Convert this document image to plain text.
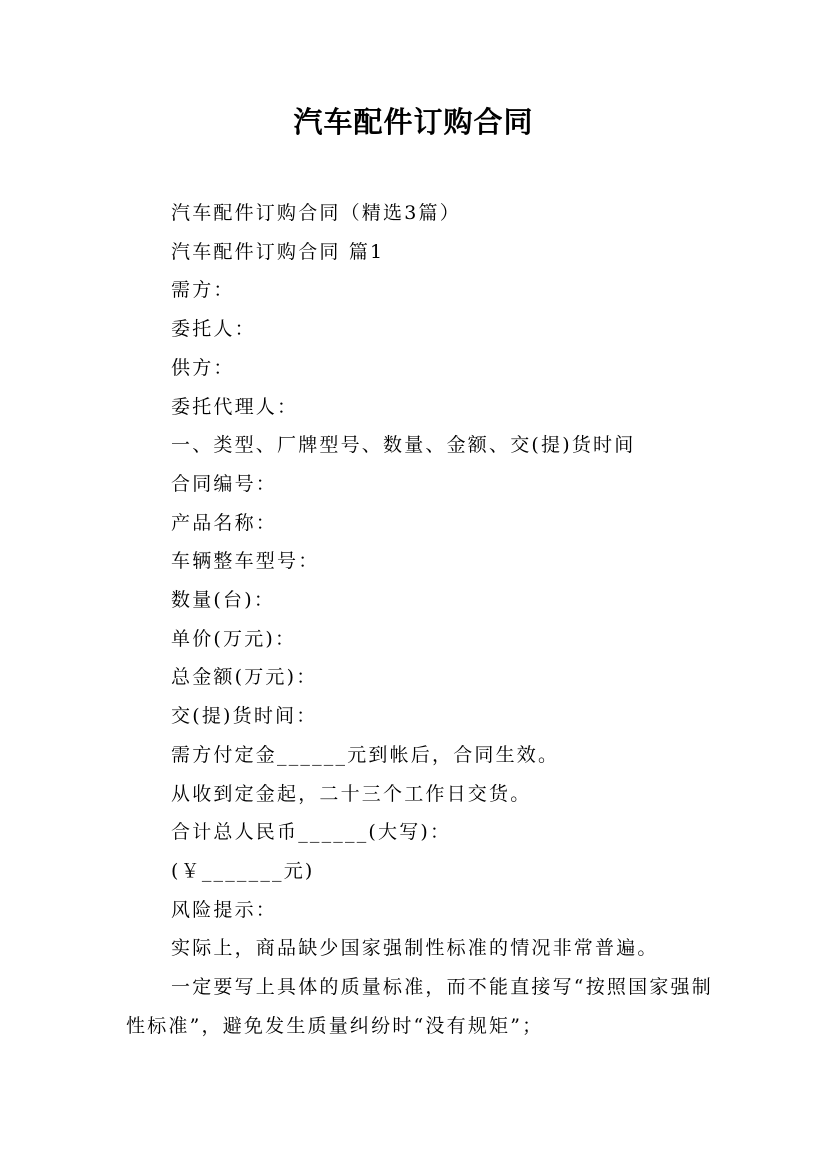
汽车配件订购合同
汽车配件订购合同（精选3篇）
汽车配件订购合同 篇1
需方：
委托人：
供方：
委托代理人：
一、类型、厂牌型号、数量、金额、交(提)货时间
合同编号：
产品名称：
车辆整车型号：
数量(台)：
单价(万元)：
总金额(万元)：
交(提)货时间：
需方付定金______元到帐后，合同生效。
从收到定金起，二十三个工作日交货。
合计总人民币______(大写)：
(￥_______元)
风险提示：
实际上，商品缺少国家强制性标准的情况非常普遍。
一定要写上具体的质量标准，而不能直接写“按照国家强制性标准”，避免发生质量纠纷时“没有规矩”；
